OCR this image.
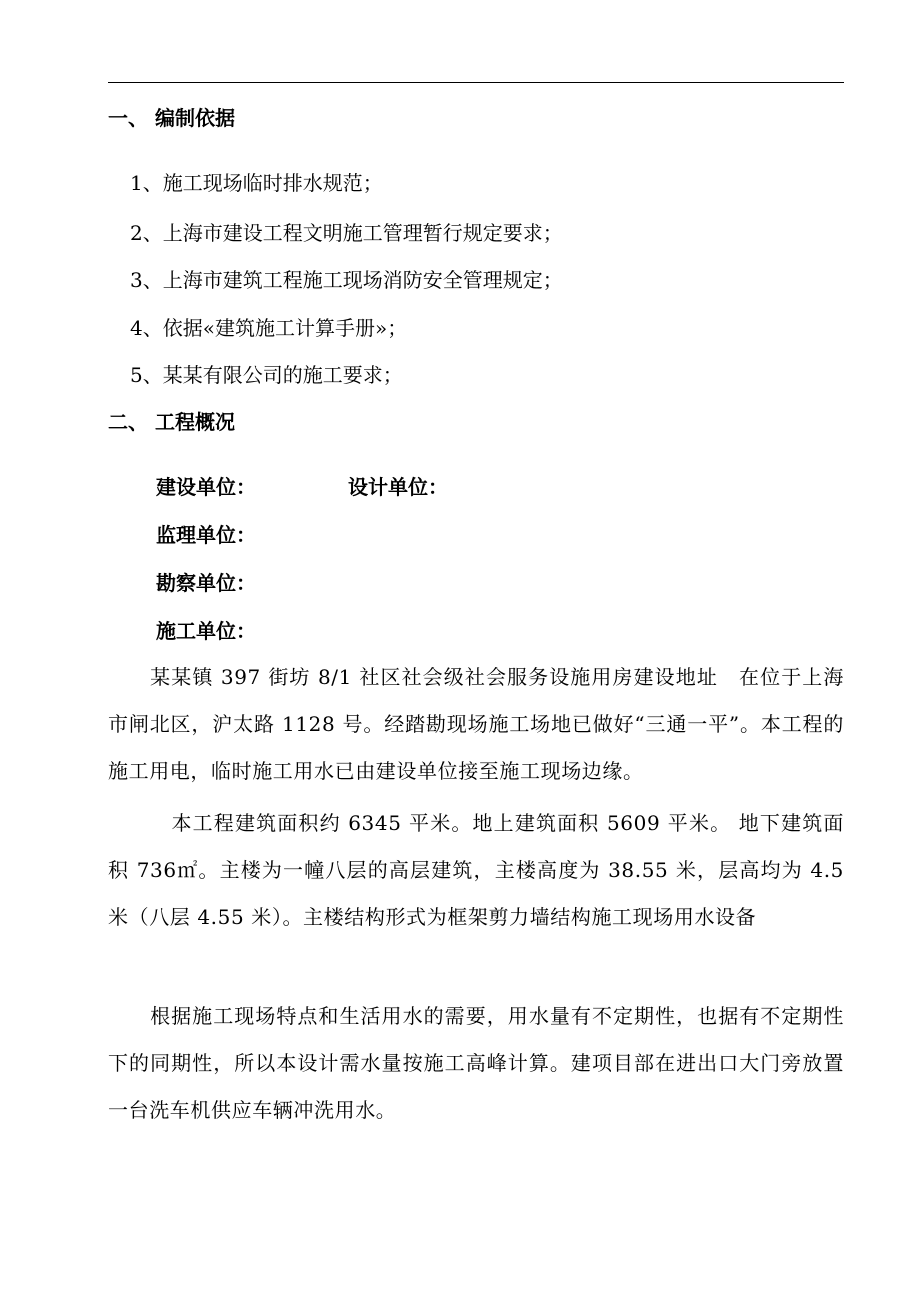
一、 编制依据
1、施工现场临时排水规范；
2、上海市建设工程文明施工管理暂行规定要求；
3、上海市建筑工程施工现场消防安全管理规定；
4、依据«建筑施工计算手册»；
5、某某有限公司的施工要求；
二、 工程概况
建设单位：	设计单位：
监理单位：
勘察单位：
施工单位：
　　某某镇 397 街坊 8/1 社区社会级社会服务设施用房建设地址　在位于上海市闸北区，沪太路 1128 号。经踏勘现场施工场地已做好“三通一平”。本工程的施工用电，临时施工用水已由建设单位接至施工现场边缘。
　　　本工程建筑面积约 6345 平米。地上建筑面积 5609 平米。 地下建筑面积 736㎡。主楼为一幢八层的高层建筑，主楼高度为 38.55 米，层高均为 4.5 米（八层 4.55 米）。主楼结构形式为框架剪力墙结构施工现场用水设备
　　根据施工现场特点和生活用水的需要，用水量有不定期性，也据有不定期性下的同期性，所以本设计需水量按施工高峰计算。建项目部在进出口大门旁放置一台洗车机供应车辆冲洗用水。
